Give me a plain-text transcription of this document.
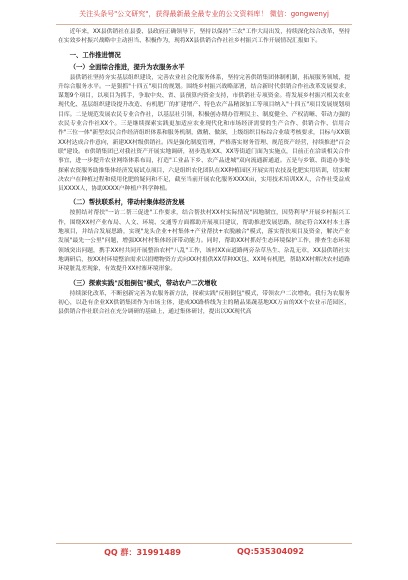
关注头条号"公文研究"，获得最新最全最专业的公文资料库！ 微信：gongwenyj

近年来，XX县供销社在县委、县政府正确领导下，坚持以保持"三农"工作大局出发，持续深化综合改革，坚持在实效乡村振兴战略中主动担当、积极作为，现将XX县供销合作社社乡村振兴工作开展情况汇报如下。

一、工作推进情况
（一）全面综合推进，提升为农服务水平

县供销社坚持夯实基层组织建设，完善农业社会化服务体系，坚持完善供销集团体制机制，拓展服务领域，提升综合服务水平。一是狠抓"十四五"项目的规划。围绕乡村振兴战略部署，结合新时代供销合作社改革发展要求，谋划9个项目，以项目为抓手，争取中央、省、县预算内资金支持，市供销社专项资金。将发展乡村振兴相关农业现代化、基层组织建设提升改造、有机肥厂的扩建增产、特色农产品精深加工等项目纳入"十四五"项目发展规划项目库。二是规范发展农民专业合作社，以基层社引领，积极创办期办管理民主、制度健全、产权清晰、带动力强的农民专业合作社XX个。三是继续探索实践更加适应农业现代化和市场经济需要的生产合作、供销合作、信用合作"三位一体"新型农民合作经济组织体系和服务机制，做精、做深，上级组织目标综合业绩考核要求，目标与XX镇XX村达成合作意向，新建XX村级供销社。四是强化制度管理，严格落实财务管理、规范资产经营，持续推进"百会联"建设。市供销集团已对我社资产开展实地调研，初步选址XX、XX等街道门面为实施点，目前正在洽谈相关合作事宜，进一步提升农业网络体系布局，打造"工业品下乡、农产品进城"双向流通新通道。五是与乡镇、街道办事处探索农资服务助推集体经济发展试点项目，六是组织农化团队在XX种植园区开展实用农技及化肥实用培训，切实解决农户在种植过程和使用化肥的疑问和不足，截至当前开展农化服务XXXX亩，实用技术培训XX人，合作社受益成员XXXX人，协助XXXX户种植户科学种植。

（二）帮扶联系村，带动村集体经济发展

按照结对帮扶"一访二帮三促进"工作要求，结合帮扶村XX村实际情况"因地制宜，因势利导"开展乡村振兴工作，围绕XX村产业布局、人文、环境、交通等方面都助开展项目建议，帮助推进发展思路，制定符合XX村本土落地项目，并结合发展思路，实现"龙头企业+村集体+产业帮扶+农脱融合"模式，落实帮扶项目及资金，解决产业发展"最先一公里"问题，增强XX村村集体经济带动能力。同时，帮助XX村抓好生态环境保护工作，排查生态环境领域突出问题，携手XX村共同开展整治农村"八乱"工作，该村XX亩道路两旁杂草丛生、杂乱无章，XX县供销社实地调研后，按XX村环境整治需求以捐赠物资方式向XX村捐供XX草种XX包、XX吨有机肥，帮助XX村解决农村道路环境脏乱差现象，有效提升XX村寨环境形象。

（三）探索实践"反租倒包"模式，带动农户二次增收

持续深化改革，不断创新完善为农服务新方法，探索实践"反租倒包"模式，带领农户二次增收。我行为农服务初心，以赴有企业XX供销集团作为市场主体，建成XX路桥线为主的精品果蔬基地XX万亩的XX个农业示范园区，县供销合作社联合社在充分调研的基础上，通过集体研讨，提出以XX现代高

QQ 群：31991489	QQ:535304092
